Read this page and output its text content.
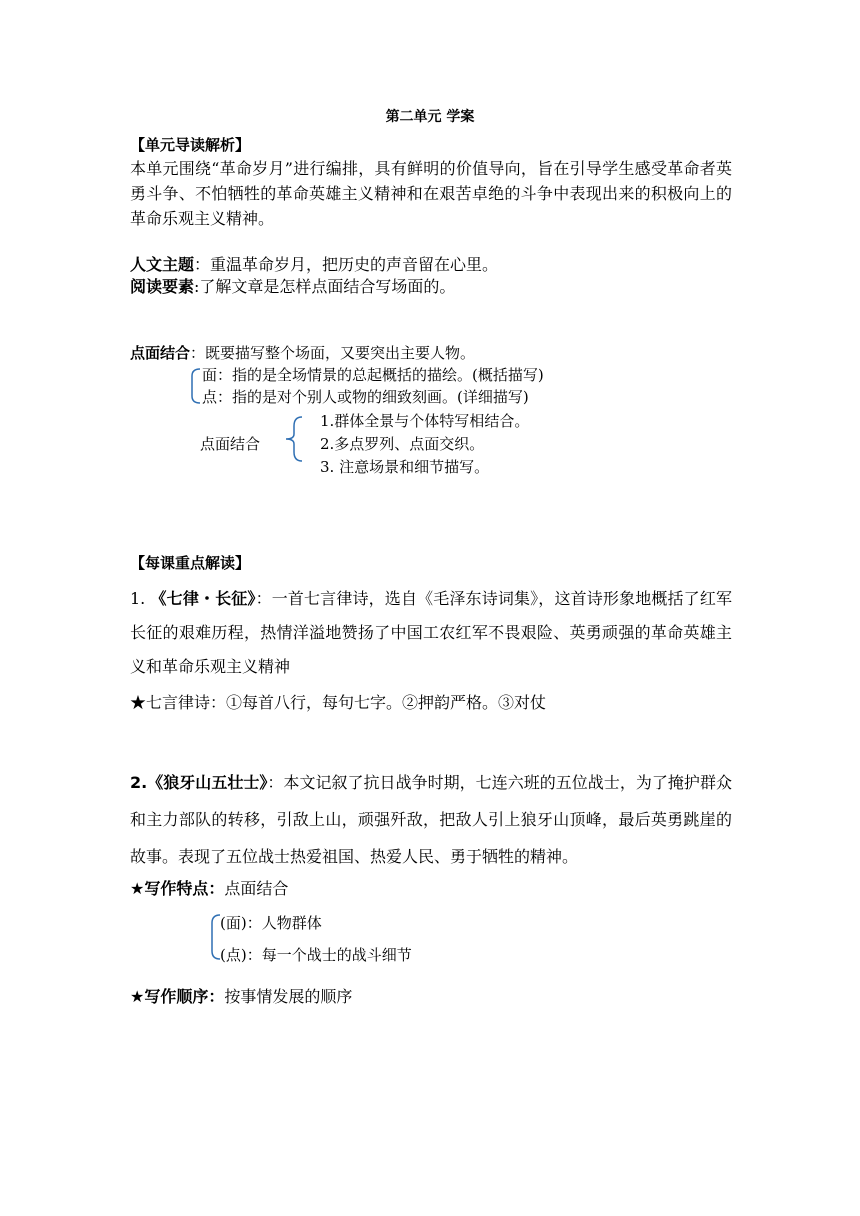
第二单元 学案
【单元导读解析】
本单元围绕“革命岁月”进行编排，具有鲜明的价值导向，旨在引导学生感受革命者英勇斗争、不怕牺牲的革命英雄主义精神和在艰苦卓绝的斗争中表现出来的积极向上的革命乐观主义精神。
人文主题：重温革命岁月，把历史的声音留在心里。
阅读要素:了解文章是怎样点面结合写场面的。
点面结合：既要描写整个场面，又要突出主要人物。
面：指的是全场情景的总起概括的描绘。(概括描写)
点：指的是对个别人或物的细致刻画。(详细描写)
点面结合
1.群体全景与个体特写相结合。
2.多点罗列、点面交织。
3. 注意场景和细节描写。
【每课重点解读】
1. 《七律・长征》：一首七言律诗，选自《毛泽东诗词集》，这首诗形象地概括了红军长征的艰难历程，热情洋溢地赞扬了中国工农红军不畏艰险、英勇顽强的革命英雄主义和革命乐观主义精神
★七言律诗：①每首八行，每句七字。②押韵严格。③对仗
2.《狼牙山五壮士》：本文记叙了抗日战争时期，七连六班的五位战士，为了掩护群众和主力部队的转移，引敌上山，顽强歼敌，把敌人引上狼牙山顶峰，最后英勇跳崖的故事。表现了五位战士热爱祖国、热爱人民、勇于牺牲的精神。
★写作特点：点面结合
(面)：人物群体
(点)：每一个战士的战斗细节
★写作顺序：按事情发展的顺序
